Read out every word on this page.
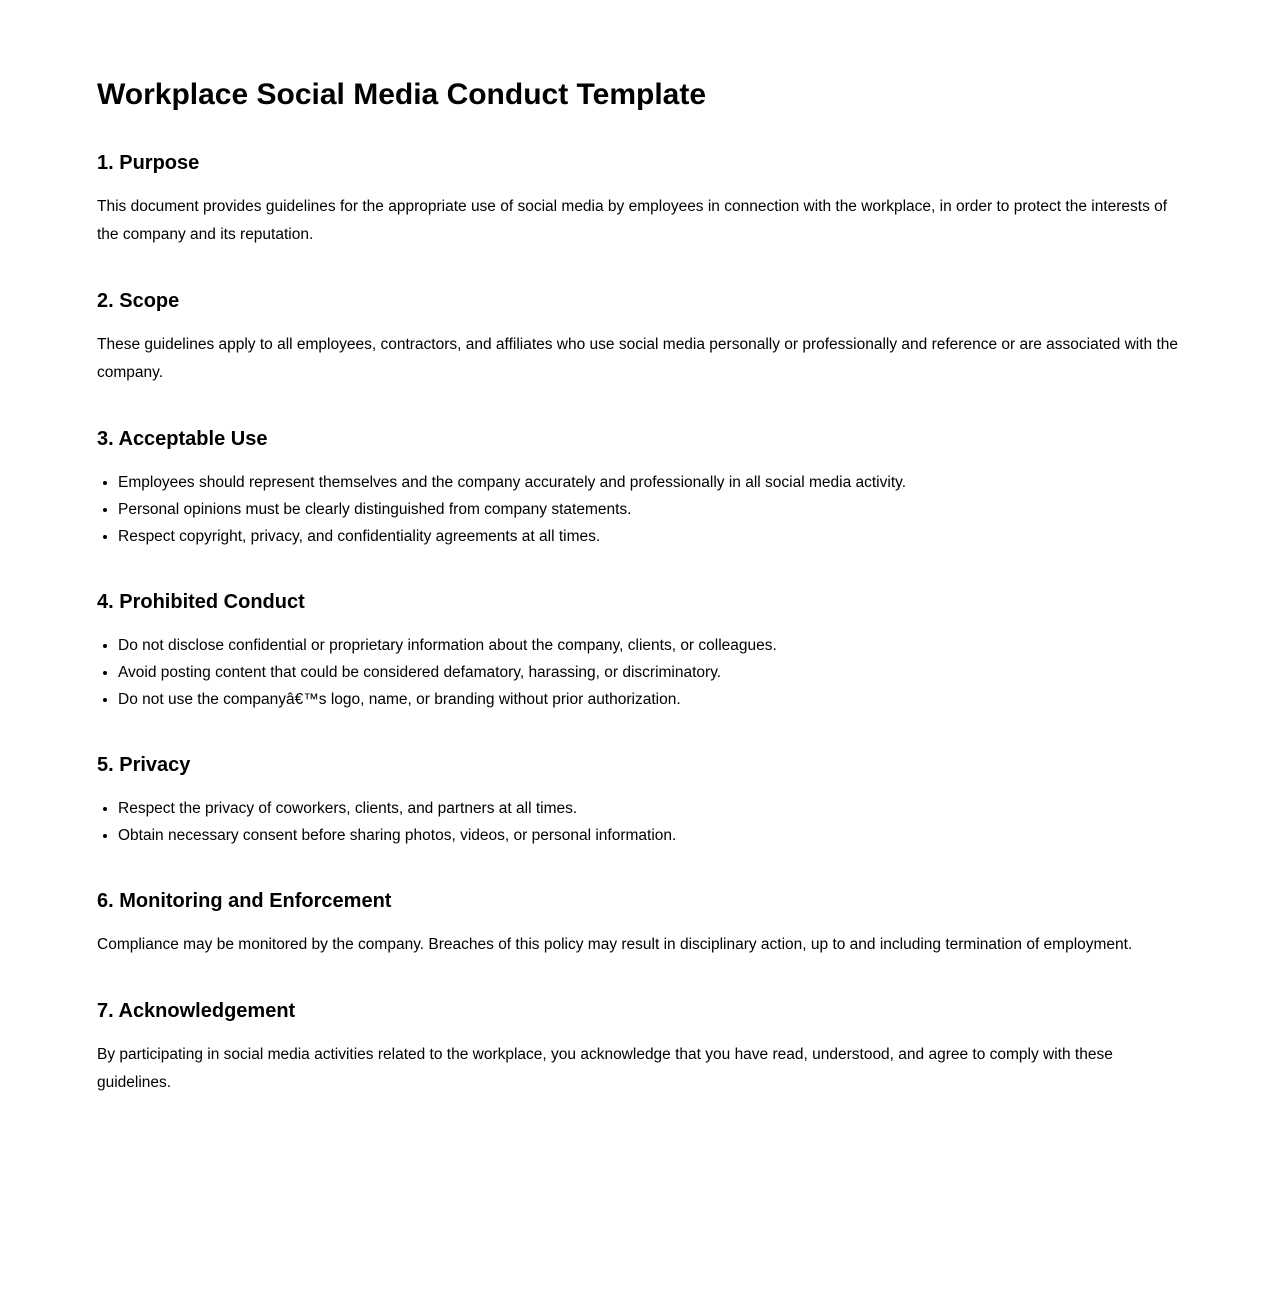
Workplace Social Media Conduct Template
1. Purpose

This document provides guidelines for the appropriate use of social media by employees in connection with the workplace, in order to protect the interests of the company and its reputation.

2. Scope

These guidelines apply to all employees, contractors, and affiliates who use social media personally or professionally and reference or are associated with the company.

3. Acceptable Use
• Employees should represent themselves and the company accurately and professionally in all social media activity.
• Personal opinions must be clearly distinguished from company statements.
• Respect copyright, privacy, and confidentiality agreements at all times.
4. Prohibited Conduct
• Do not disclose confidential or proprietary information about the company, clients, or colleagues.
• Avoid posting content that could be considered defamatory, harassing, or discriminatory.
• Do not use the companyâ€™s logo, name, or branding without prior authorization.
5. Privacy
• Respect the privacy of coworkers, clients, and partners at all times.
• Obtain necessary consent before sharing photos, videos, or personal information.
6. Monitoring and Enforcement

Compliance may be monitored by the company. Breaches of this policy may result in disciplinary action, up to and including termination of employment.

7. Acknowledgement

By participating in social media activities related to the workplace, you acknowledge that you have read, understood, and agree to comply with these guidelines.
